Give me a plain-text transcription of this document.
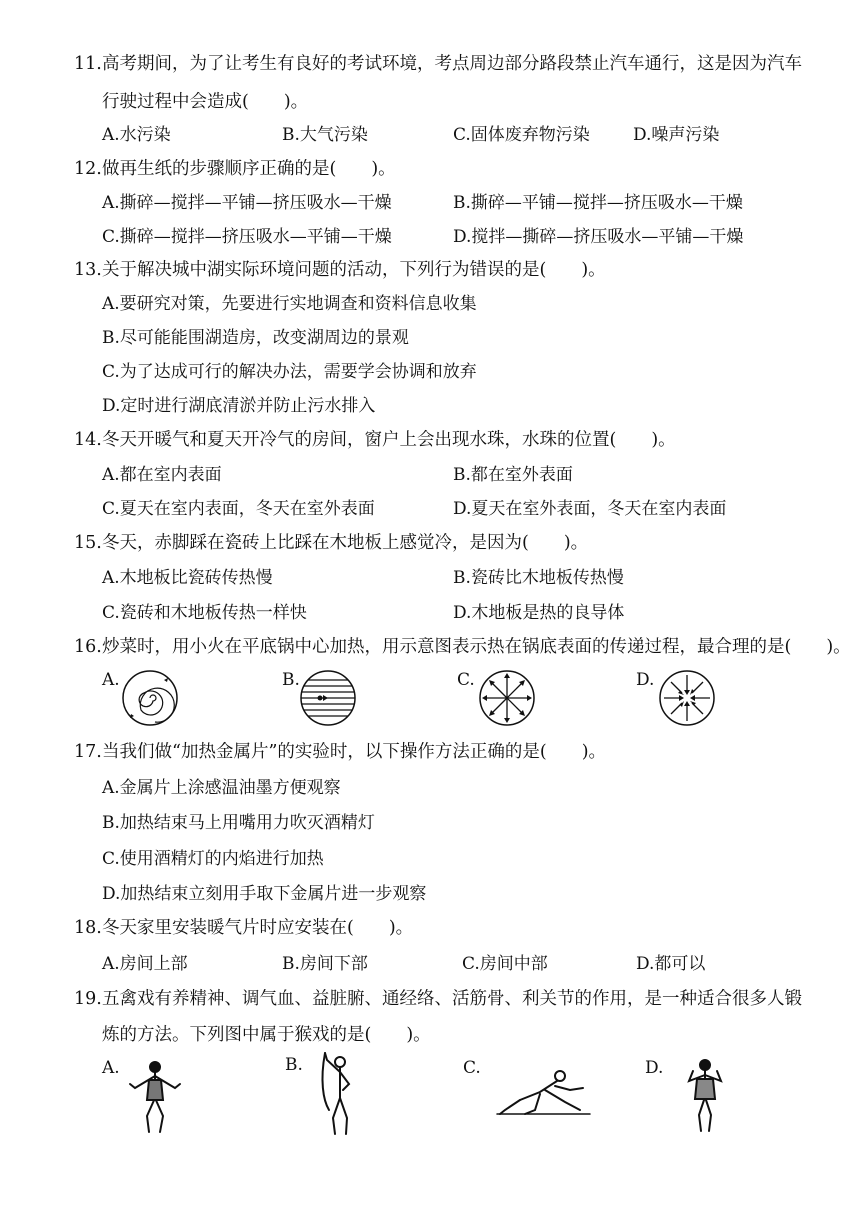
11.高考期间，为了让考生有良好的考试环境，考点周边部分路段禁止汽车通行，这是因为汽车
行驶过程中会造成(　　)。
A.水污染	B.大气污染	C.固体废弃物污染	D.噪声污染
12.做再生纸的步骤顺序正确的是(　　)。
A.撕碎—搅拌—平铺—挤压吸水—干燥	B.撕碎—平铺—搅拌—挤压吸水—干燥
C.撕碎—搅拌—挤压吸水—平铺—干燥	D.搅拌—撕碎—挤压吸水—平铺—干燥
13.关于解决城中湖实际环境问题的活动，下列行为错误的是(　　)。
A.要研究对策，先要进行实地调查和资料信息收集
B.尽可能能围湖造房，改变湖周边的景观
C.为了达成可行的解决办法，需要学会协调和放弃
D.定时进行湖底清淤并防止污水排入
14.冬天开暖气和夏天开冷气的房间，窗户上会出现水珠，水珠的位置(　　)。
A.都在室内表面	B.都在室外表面
C.夏天在室内表面，冬天在室外表面	D.夏天在室外表面，冬天在室内表面
15.冬天，赤脚踩在瓷砖上比踩在木地板上感觉冷，是因为(　　)。
A.木地板比瓷砖传热慢	B.瓷砖比木地板传热慢
C.瓷砖和木地板传热一样快	D.木地板是热的良导体
16.炒菜时，用小火在平底锅中心加热，用示意图表示热在锅底表面的传递过程，最合理的是(　　)。
A.	B.	C.	D.
17.当我们做“加热金属片”的实验时，以下操作方法正确的是(　　)。
A.金属片上涂感温油墨方便观察
B.加热结束马上用嘴用力吹灭酒精灯
C.使用酒精灯的内焰进行加热
D.加热结束立刻用手取下金属片进一步观察
18.冬天家里安装暖气片时应安装在(　　)。
A.房间上部	B.房间下部	C.房间中部	D.都可以
19.五禽戏有养精神、调气血、益脏腑、通经络、活筋骨、利关节的作用，是一种适合很多人锻
炼的方法。下列图中属于猴戏的是(　　)。
A.	B.	C.	D.
